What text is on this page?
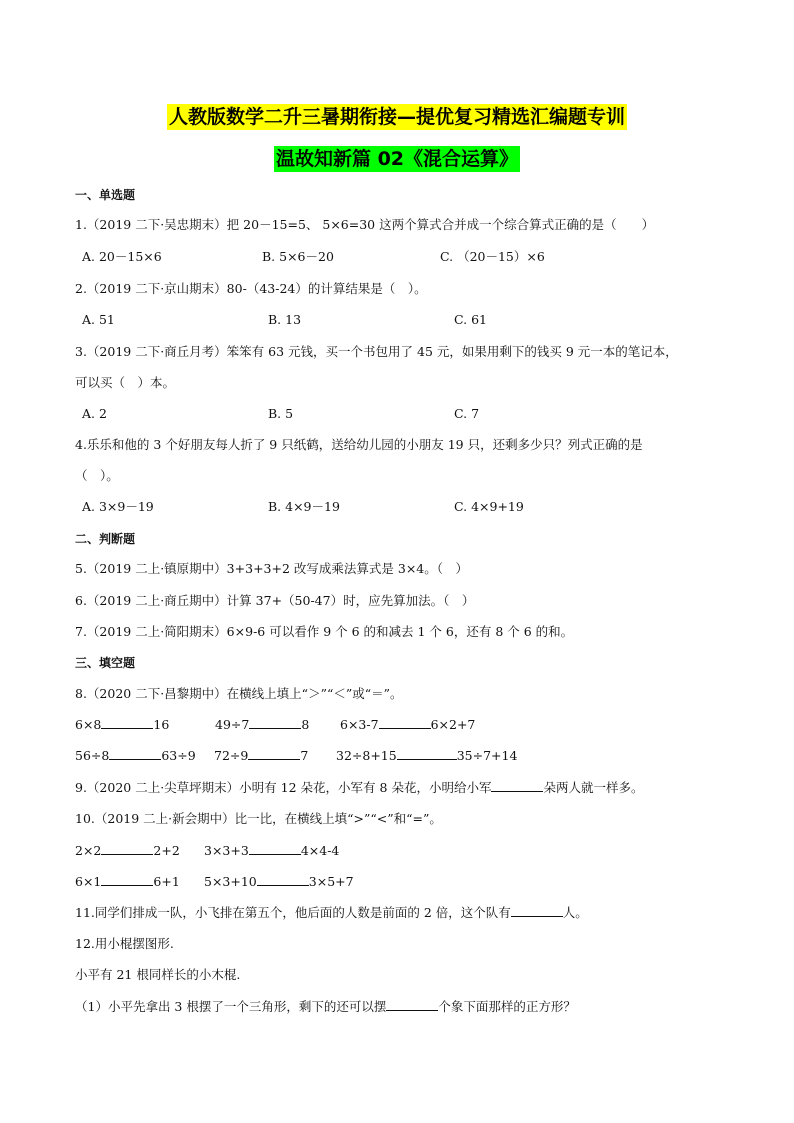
人教版数学二升三暑期衔接—提优复习精选汇编题专训
温故知新篇 02《混合运算》
一、单选题
1.（2019 二下·吴忠期末）把 20－15=5、 5×6=30 这两个算式合并成一个综合算式正确的是（　　）
A. 20－15×6	B. 5×6－20	C. （20－15）×6
2.（2019 二下·京山期末）80-（43-24）的计算结果是（　）。
A. 51	B. 13	C. 61
3.（2019 二下·商丘月考）笨笨有 63 元钱，买一个书包用了 45 元，如果用剩下的钱买 9 元一本的笔记本，
可以买（　）本。
A. 2	B. 5	C. 7
4.乐乐和他的 3 个好朋友每人折了 9 只纸鹤，送给幼儿园的小朋友 19 只，还剩多少只？列式正确的是
（　）。
A. 3×9－19	B. 4×9－19	C. 4×9+19
二、判断题
5.（2019 二上·镇原期中）3+3+3+2 改写成乘法算式是 3×4。（　）
6.（2019 二上·商丘期中）计算 37+（50-47）时，应先算加法。（　）
7.（2019 二上·简阳期末）6×9-6 可以看作 9 个 6 的和减去 1 个 6，还有 8 个 6 的和。
三、填空题
8.（2020 二下·昌黎期中）在横线上填上“＞”“＜”或“＝”。
6×8	16	49÷7	8 6×3-7	6×2+7
56÷8	63÷9 72÷9	7 32÷8+15	35÷7+14
9.（2020 二上·尖草坪期末）小明有 12 朵花，小军有 8 朵花，小明给小军	朵两人就一样多。
10.（2019 二上·新会期中）比一比，在横线上填“>”“<”和“=”。
2×2	2+2 3×3+3	4×4-4
6×1	6+1 5×3+10	3×5+7
11.同学们排成一队，小飞排在第五个，他后面的人数是前面的 2 倍，这个队有	人。
12.用小棍摆图形.
小平有 21 根同样长的小木棍.
（1）小平先拿出 3 根摆了一个三角形，剩下的还可以摆	个象下面那样的正方形？
